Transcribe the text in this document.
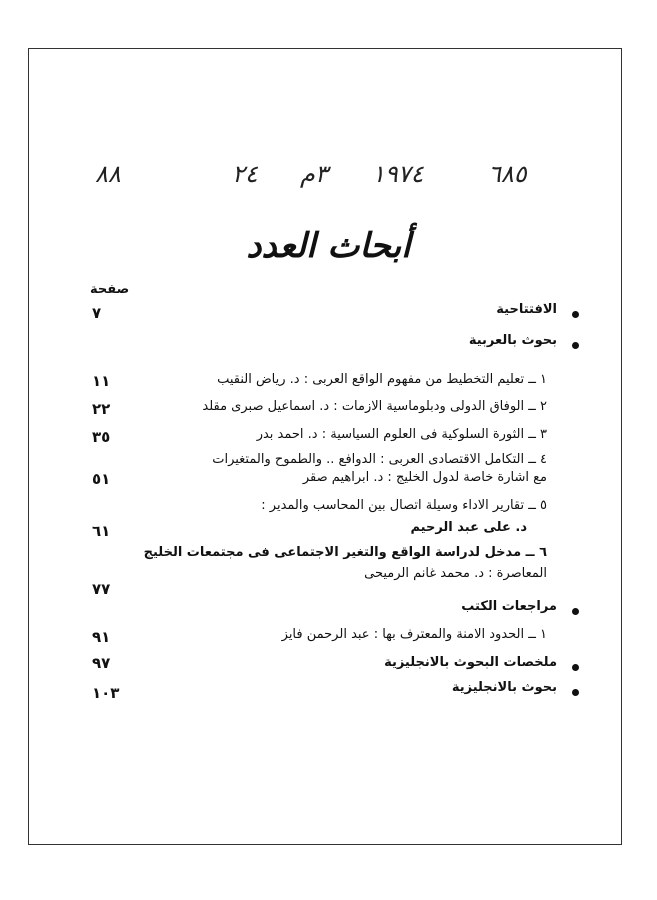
٨٨	٢٤ ٣م ١٩٧٤	٦٨٥
أبحاث العدد
صفحة
الافتتاحية
٧
بحوث بالعربية
١ ــ تعليم التخطيط من مفهوم الواقع العربى : د. رياض النقيب
١١
٢ ــ الوفاق الدولى ودبلوماسية الازمات : د. اسماعيل صبرى مقلد
٢٢
٣ ــ الثورة السلوكية فى العلوم السياسية : د. احمد بدر
٣٥
٤ ــ التكامل الاقتصادى العربى : الدوافع .. والطموح والمتغيرات
مع اشارة خاصة لدول الخليج : د. ابراهيم صقر
٥١
٥ ــ تقارير الاداء وسيلة اتصال بين المحاسب والمدير :
د. على عبد الرحيم
٦١
٦ ــ مدخل لدراسة الواقع والتغير الاجتماعى فى مجتمعات الخليج
المعاصرة : د. محمد غانم الرميحى
٧٧
مراجعات الكتب
١ ــ الحدود الامنة والمعترف بها : عبد الرحمن فايز
٩١
ملخصات البحوث بالانجليزية
٩٧
بحوث بالانجليزية
١٠٣
